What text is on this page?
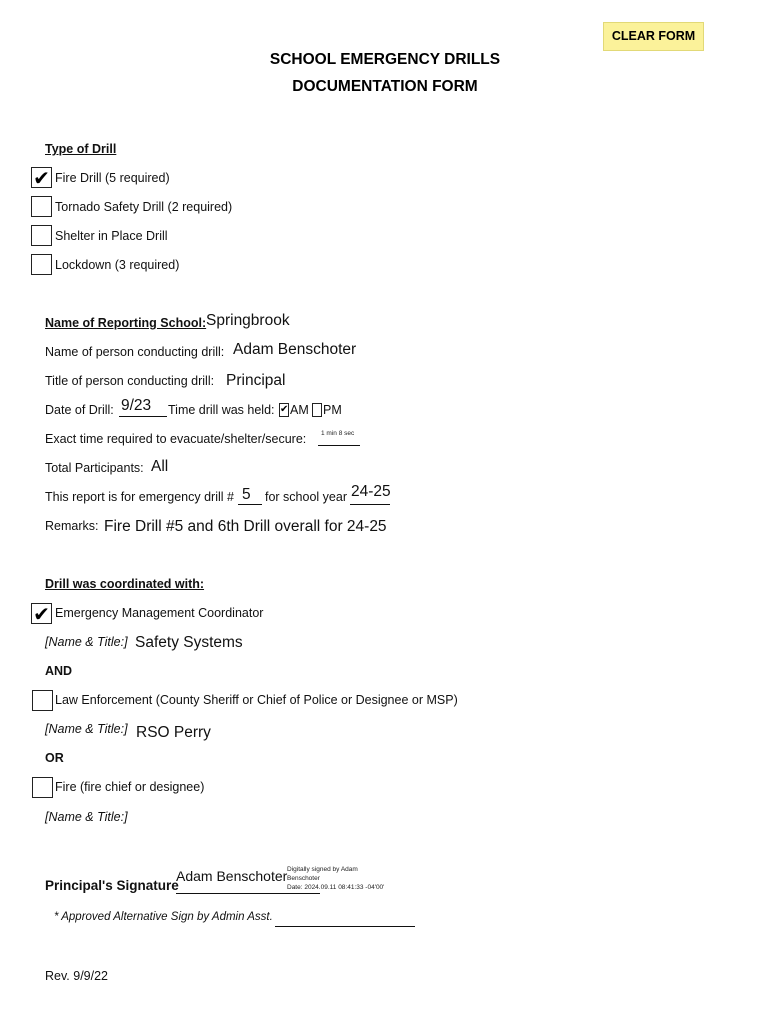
CLEAR FORM
SCHOOL EMERGENCY DRILLS
DOCUMENTATION FORM
Type of Drill
✔ Fire Drill (5 required)
Tornado Safety Drill (2 required)
Shelter in Place Drill
Lockdown (3 required)
Name of Reporting School: Springbrook
Name of person conducting drill: Adam Benschoter
Title of person conducting drill: Principal
Date of Drill: 9/23 Time drill was held: ✔ AM PM
Exact time required to evacuate/shelter/secure: 1 min 8 sec
Total Participants: All
This report is for emergency drill # 5 for school year 24-25
Remarks: Fire Drill #5 and 6th Drill overall for 24-25
Drill was coordinated with:
✔ Emergency Management Coordinator
[Name & Title:] Safety Systems
AND
Law Enforcement (County Sheriff or Chief of Police or Designee or MSP)
[Name & Title:] RSO Perry
OR
Fire (fire chief or designee)
[Name & Title:]
Principal's Signature
Adam Benschoter Digitally signed by Adam
Benschoter
Date: 2024.09.11 08:41:33 -04'00'
* Approved Alternative Sign by Admin Asst.
Rev. 9/9/22
